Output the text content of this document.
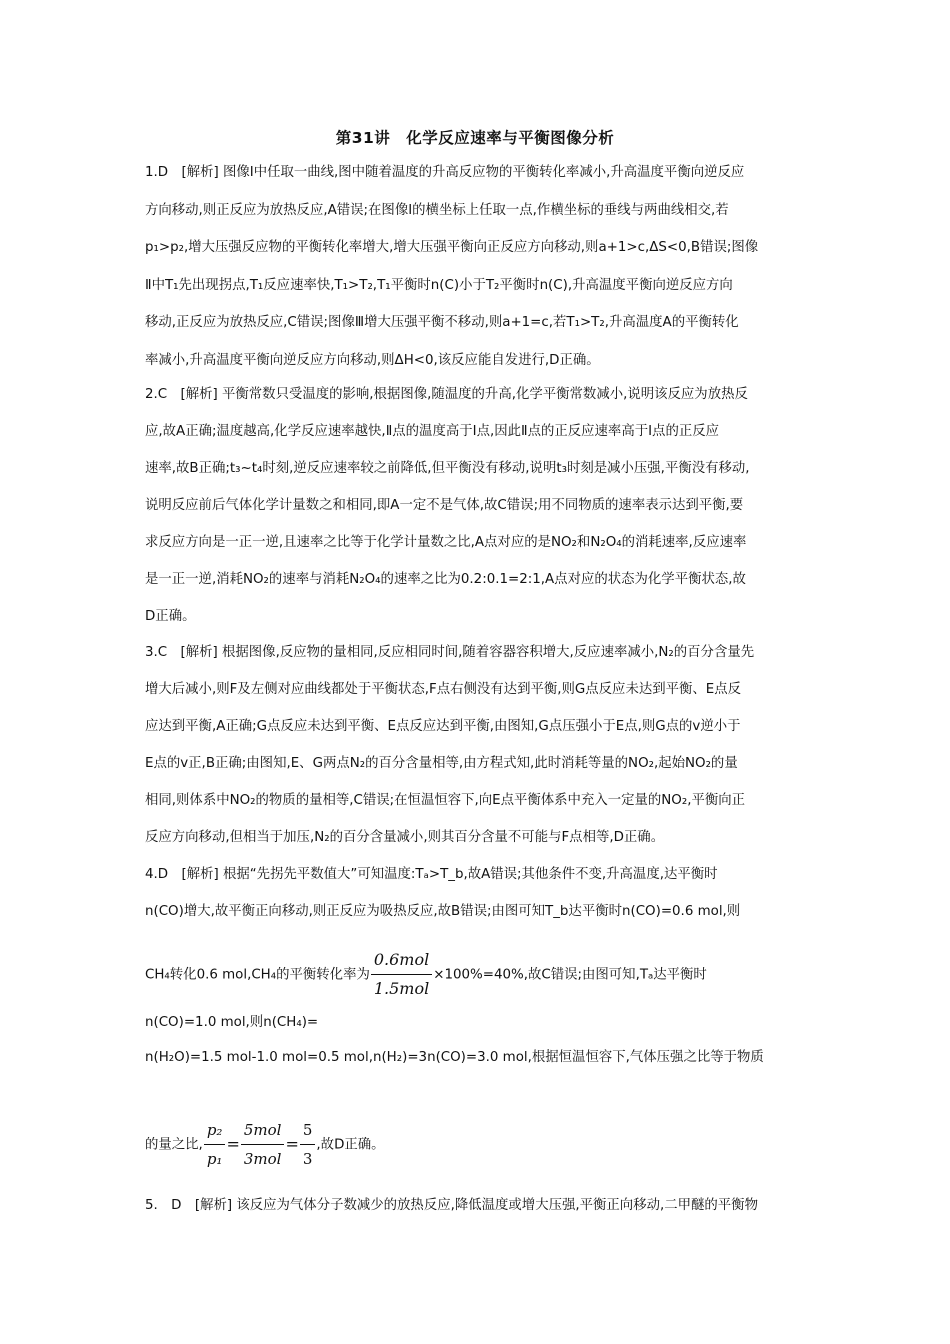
第31讲　化学反应速率与平衡图像分析
1.D　[解析] 图像Ⅰ中任取一曲线,图中随着温度的升高反应物的平衡转化率减小,升高温度平衡向逆反应
方向移动,则正反应为放热反应,A错误;在图像Ⅰ的横坐标上任取一点,作横坐标的垂线与两曲线相交,若
p₁>p₂,增大压强反应物的平衡转化率增大,增大压强平衡向正反应方向移动,则a+1>c,ΔS<0,B错误;图像
Ⅱ中T₁先出现拐点,T₁反应速率快,T₁>T₂,T₁平衡时n(C)小于T₂平衡时n(C),升高温度平衡向逆反应方向
移动,正反应为放热反应,C错误;图像Ⅲ增大压强平衡不移动,则a+1=c,若T₁>T₂,升高温度A的平衡转化
率减小,升高温度平衡向逆反应方向移动,则ΔH<0,该反应能自发进行,D正确。
2.C　[解析] 平衡常数只受温度的影响,根据图像,随温度的升高,化学平衡常数减小,说明该反应为放热反
应,故A正确;温度越高,化学反应速率越快,Ⅱ点的温度高于Ⅰ点,因此Ⅱ点的正反应速率高于Ⅰ点的正反应
速率,故B正确;t₃~t₄时刻,逆反应速率较之前降低,但平衡没有移动,说明t₃时刻是减小压强,平衡没有移动,
说明反应前后气体化学计量数之和相同,即A一定不是气体,故C错误;用不同物质的速率表示达到平衡,要
求反应方向是一正一逆,且速率之比等于化学计量数之比,A点对应的是NO₂和N₂O₄的消耗速率,反应速率
是一正一逆,消耗NO₂的速率与消耗N₂O₄的速率之比为0.2:0.1=2:1,A点对应的状态为化学平衡状态,故
D正确。
3.C　[解析] 根据图像,反应物的量相同,反应相同时间,随着容器容积增大,反应速率减小,N₂的百分含量先
增大后减小,则F及左侧对应曲线都处于平衡状态,F点右侧没有达到平衡,则G点反应未达到平衡、E点反
应达到平衡,A正确;G点反应未达到平衡、E点反应达到平衡,由图知,G点压强小于E点,则G点的v逆小于
E点的v正,B正确;由图知,E、G两点N₂的百分含量相等,由方程式知,此时消耗等量的NO₂,起始NO₂的量
相同,则体系中NO₂的物质的量相等,C错误;在恒温恒容下,向E点平衡体系中充入一定量的NO₂,平衡向正
反应方向移动,但相当于加压,N₂的百分含量减小,则其百分含量不可能与F点相等,D正确。
4.D　[解析] 根据“先拐先平数值大”可知温度:Tₐ>T_b,故A错误;其他条件不变,升高温度,达平衡时
n(CO)增大,故平衡正向移动,则正反应为吸热反应,故B错误;由图可知T_b达平衡时n(CO)=0.6 mol,则
CH₄转化0.6 mol,CH₄的平衡转化率为 $\frac{\text{0.6mol}}{\text{1.5mol}} \times 100\%=40\%$,故C错误;由图可知,Tₐ达平衡时
n(CO)=1.0 mol,则n(CH₄)=
n(H₂O)=1.5 mol-1.0 mol=0.5 mol,n(H₂)=3n(CO)=3.0 mol,根据恒温恒容下,气体压强之比等于物质
的量之比, $\frac{\text{p₂}}{\text{p₁}} = \frac{\text{5mol}}{\text{3mol}} = \frac{5}{3}$ ,故D正确。
5.　D　[解析] 该反应为气体分子数减少的放热反应,降低温度或增大压强,平衡正向移动,二甲醚的平衡物
